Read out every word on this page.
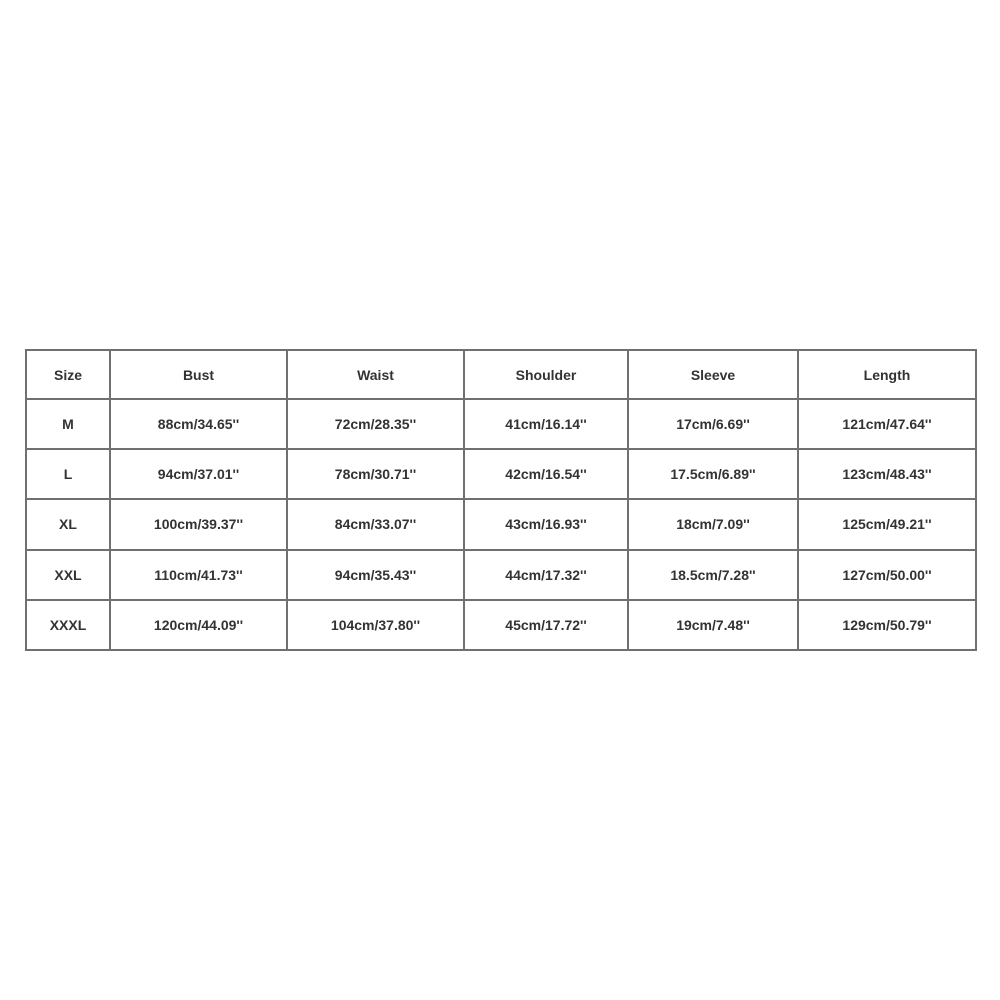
Size	Bust	Waist	Shoulder	Sleeve	Length
M	88cm/34.65''	72cm/28.35''	41cm/16.14''	17cm/6.69''	121cm/47.64''
L	94cm/37.01''	78cm/30.71''	42cm/16.54''	17.5cm/6.89''	123cm/48.43''
XL	100cm/39.37''	84cm/33.07''	43cm/16.93''	18cm/7.09''	125cm/49.21''
XXL	110cm/41.73''	94cm/35.43''	44cm/17.32''	18.5cm/7.28''	127cm/50.00''
XXXL	120cm/44.09''	104cm/37.80''	45cm/17.72''	19cm/7.48''	129cm/50.79''
